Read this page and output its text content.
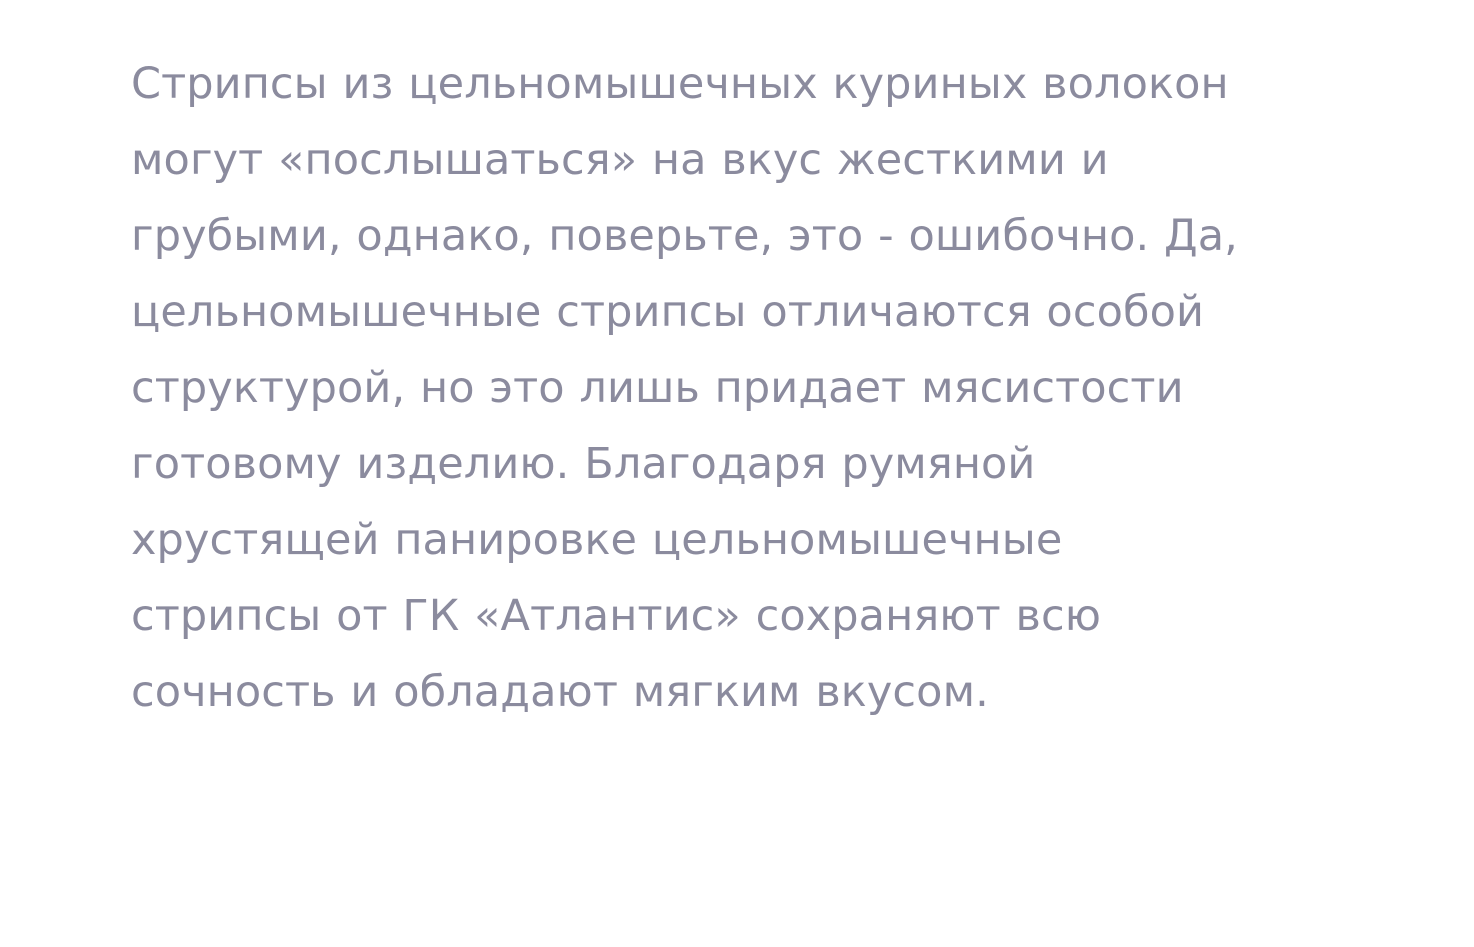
Стрипсы из цельномышечных куриных волокон могут «послышаться» на вкус жесткими и грубыми, однако, поверьте, это - ошибочно. Да, цельномышечные стрипсы отличаются особой структурой, но это лишь придает мясистости готовому изделию. Благодаря румяной хрустящей панировке цельномышечные стрипсы от ГК «Атлантис» сохраняют всю сочность и обладают мягким вкусом.
